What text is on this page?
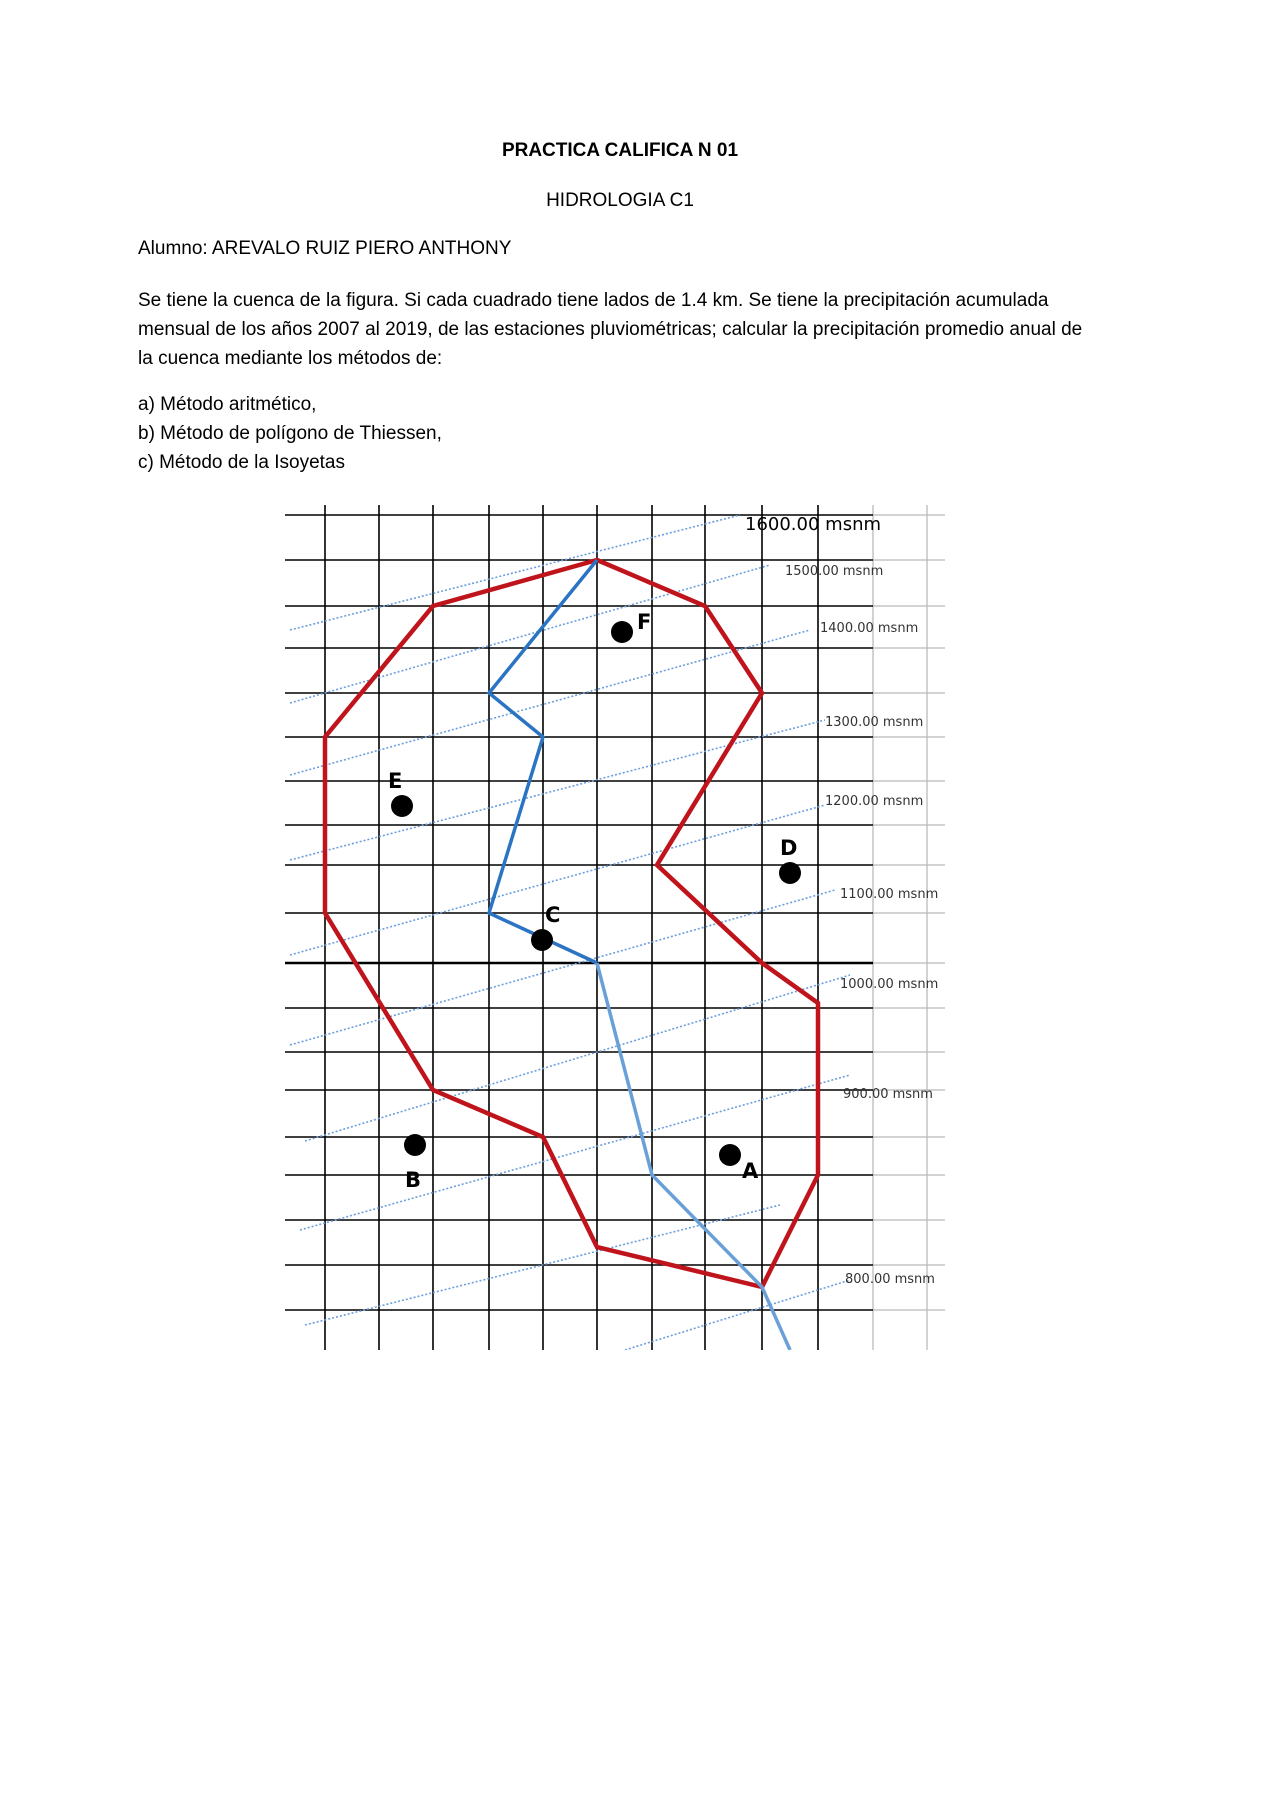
PRACTICA CALIFICA N 01
HIDROLOGIA C1
Alumno: AREVALO RUIZ PIERO ANTHONY

Se tiene la cuenca de la figura. Si cada cuadrado tiene lados de 1.4 km. Se tiene la precipitación acumulada mensual de los años 2007 al 2019, de las estaciones pluviométricas; calcular la precipitación promedio anual de la cuenca mediante los métodos de:

a) Método aritmético,
b) Método de polígono de Thiessen,
c) Método de la Isoyetas
1600.00 msnm
1500.00 msnm
1400.00 msnm
1300.00 msnm
1200.00 msnm
1100.00 msnm
1000.00 msnm
900.00 msnm
800.00 msnm
F
E
D
C
B	A
